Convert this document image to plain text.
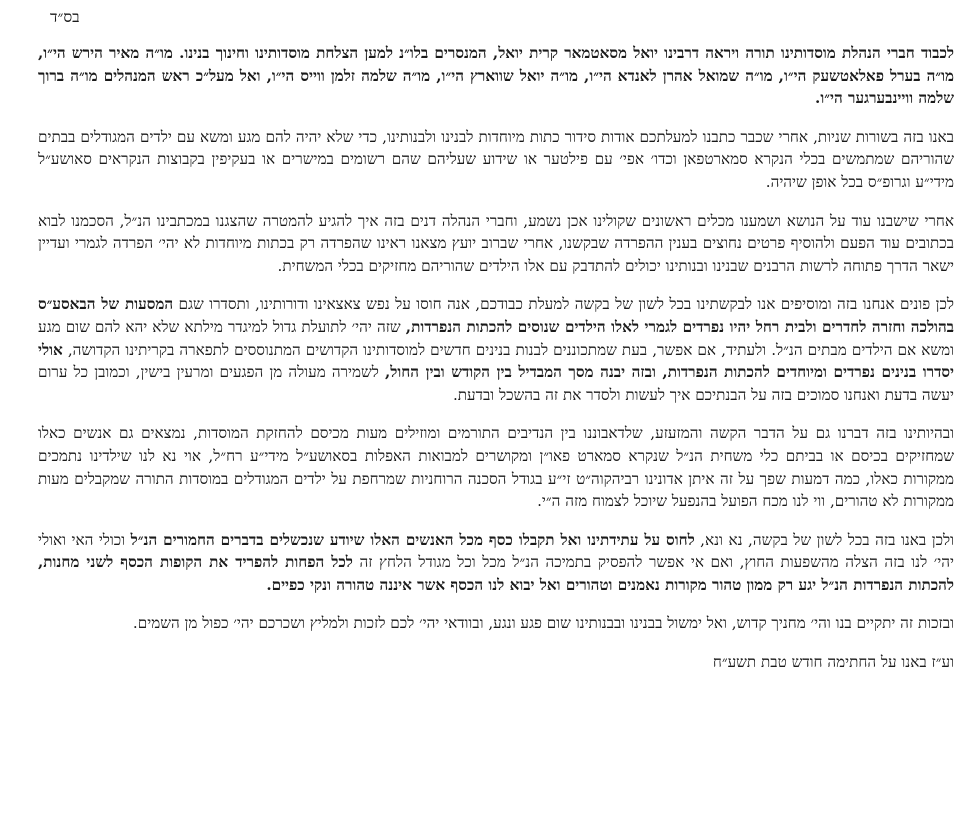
בס״ד

לכבוד חברי הנהלת מוסדותינו תורה ויראה דרבינו יואל מסאטמאר קרית יואל, המנסרים בלו״נ למען הצלחת מוסדותינו וחינוך בנינו. מו״ה מאיר הירש הי״ו, מו״ה בערל פאלאטשעק הי״ו, מו״ה שמואל אהרן לאנדא הי״ו, מו״ה יואל שווארץ הי״ו, מו״ה שלמה זלמן ווייס הי״ו, ואל מעל״כ ראש המנהלים מו״ה ברוך שלמה וויינבערגער הי״ו.

באנו בזה בשורות שניות, אחרי שכבר כתבנו למעלתכם אודות סידור כתות מיוחדות לבנינו ולבנותינו, כדי שלא יהיה להם מגע ומשא עם ילדים המגודלים בבתים שהוריהם שמתמשים בכלי הנקרא סמארטפאן וכדו׳ אפי׳ עם פילטער או שידוע שעליהם שהם רשומים במישרים או בעקיפין בקבוצות הנקראים סאושע״ל מידי״ע וגרופ״ס בכל אופן שיהיה.

אחרי שישבנו עוד על הנושא ושמענו מכלים ראשונים שקולינו אכן נשמע, וחברי הנהלה דנים בזה איך להגיע להמטרה שהצגנו במכתבינו הנ״ל, הסכמנו לבוא בכתובים עוד הפעם ולהוסיף פרטים נחוצים בענין ההפרדה שבקשנו, אחרי שברוב יועץ מצאנו ראינו שהפרדה רק בכתות מיוחדות לא יהי׳ הפרדה לגמרי ועדיין ישאר הדרך פתוחה לרשות הרבנים שבנינו ובנותינו יכולים להתדבק עם אלו הילדים שהוריהם מחזיקים בכלי המשחית.

לכן פונים אנחנו בזה ומוסיפים אנו לבקשתינו בכל לשון של בקשה למעלת כבודכם, אנה חוסו על נפש צאצאינו ודורותינו, ותסדרו שגם המסעות של הבאסע״ס בהולכה וחזרה לחדרים ולבית רחל יהיו נפרדים לגמרי לאלו הילדים שנוסים להכתות הנפרדות, שזה יהי׳ לתועלת גדול למיגדר מילתא שלא יהא להם שום מגע ומשא אם הילדים מבתים הנ״ל. ולעתיד, אם אפשר, בעת שמתכוננים לבנות בנינים חדשים למוסדותינו הקדושים המתנוססים לתפארה בקריתינו הקדושה, אולי יסדרו בנינים נפרדים ומיוחדים להכתות הנפרדות, ובזה יבנה מסך המבדיל בין הקודש ובין החול, לשמירה מעולה מן הפגעים ומרעין בישין, וכמובן כל ערום יעשה בדעת ואנחנו סמוכים בזה על הבנתיכם איך לעשות ולסדר את זה בהשכל ובדעת.

ובהיותינו בזה דברנו גם על הדבר הקשה והמזעזע, שלדאבוננו בין הנדיבים התורמים ומוזילים מעות מכיסם להחזקת המוסדות, נמצאים גם אנשים כאלו שמחזיקים בכיסם או בביתם כלי משחית הנ״ל שנקרא סמארט פאו״ן ומקושרים למבואות האפלות בסאושע״ל מידי״ע רח״ל, אוי נא לנו שילדינו נתמכים ממקורות כאלו, כמה דמעות שפך על זה איתן אדונינו רביהקוה״ט זי״ע בגודל הסכנה הרוחניות שמרחפת על ילדים המגודלים במוסדות התורה שמקבלים מעות ממקורות לא טהורים, ווי לנו מכח הפועל בהנפעל שיוכל לצמוח מזה ה״י.

ולכן באנו בזה בכל לשון של בקשה, נא ונא, לחוס על עתידתינו ואל תקבלו כסף מכל האנשים האלו שיודע שנכשלים בדברים החמורים הנ״ל וכולי האי ואולי יהי׳ לנו בזה הצלה מהשפעות החוץ, ואם אי אפשר להפסיק בתמיכה הנ״ל מכל וכל מגודל הלחץ זה לכל הפחות להפריד את הקופות הכסף לשני מחנות, להכתות הנפרדות הנ״ל יגע רק ממון טהור מקורות נאמנים וטהורים ואל יבוא לנו הכסף אשר איננה טהורה ונקי כפיים.

ובזכות זה יתקיים בנו והי׳ מחניך קדוש, ואל ימשול בבנינו ובבנותינו שום פגע ונגע, ובוודאי יהי׳ לכם לזכות ולמליץ ושכרכם יהי׳ כפול מן השמים.

וע״ז באנו על החתימה חודש טבת תשע״ח
